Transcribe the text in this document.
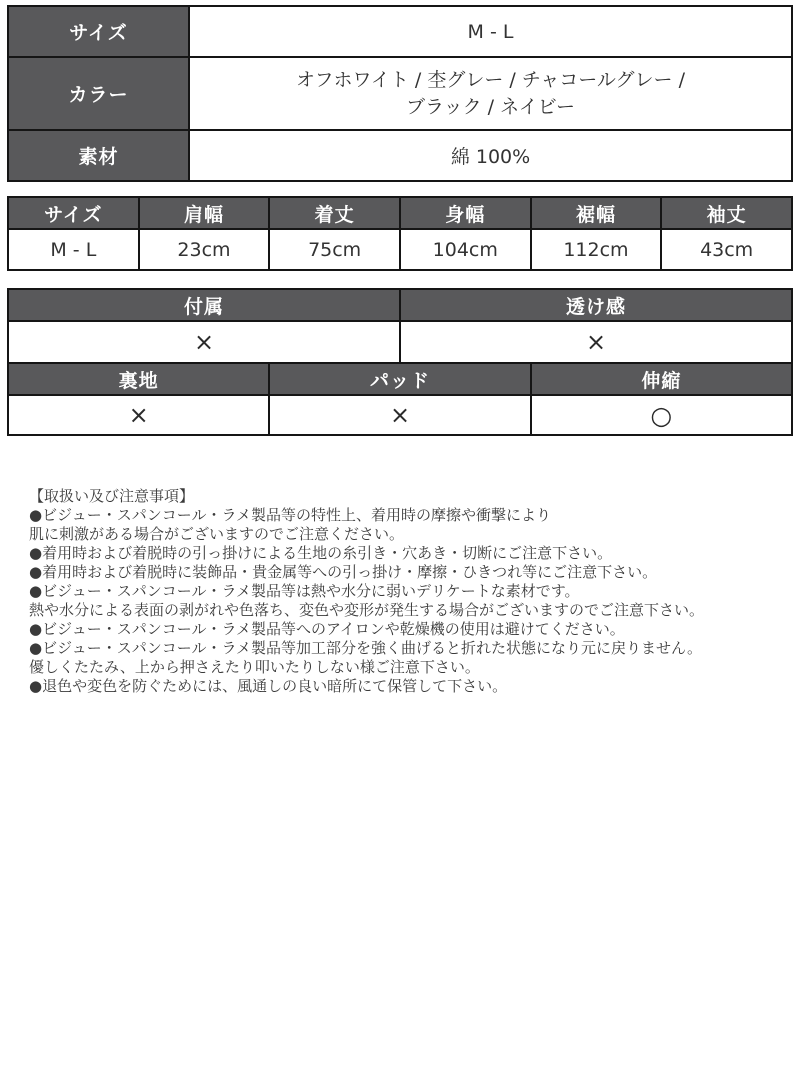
サイズ	M - L
カラー	オフホワイト / 杢グレー / チャコールグレー /
ブラック / ネイビー

素材	綿 100%
サイズ	肩幅	着丈	身幅	裾幅	袖丈
M - L	23cm	75cm	104cm	112cm	43cm
付属	透け感
×	×
裏地	パッド	伸縮
×	×	○
【取扱い及び注意事項】
●ビジュー・スパンコール・ラメ製品等の特性上、着用時の摩擦や衝撃により
肌に刺激がある場合がございますのでご注意ください。
●着用時および着脱時の引っ掛けによる生地の糸引き・穴あき・切断にご注意下さい。
●着用時および着脱時に装飾品・貴金属等への引っ掛け・摩擦・ひきつれ等にご注意下さい。
●ビジュー・スパンコール・ラメ製品等は熱や水分に弱いデリケートな素材です。
熱や水分による表面の剥がれや色落ち、変色や変形が発生する場合がございますのでご注意下さい。
●ビジュー・スパンコール・ラメ製品等へのアイロンや乾燥機の使用は避けてください。
●ビジュー・スパンコール・ラメ製品等加工部分を強く曲げると折れた状態になり元に戻りません。
優しくたたみ、上から押さえたり叩いたりしない様ご注意下さい。
●退色や変色を防ぐためには、風通しの良い暗所にて保管して下さい。
